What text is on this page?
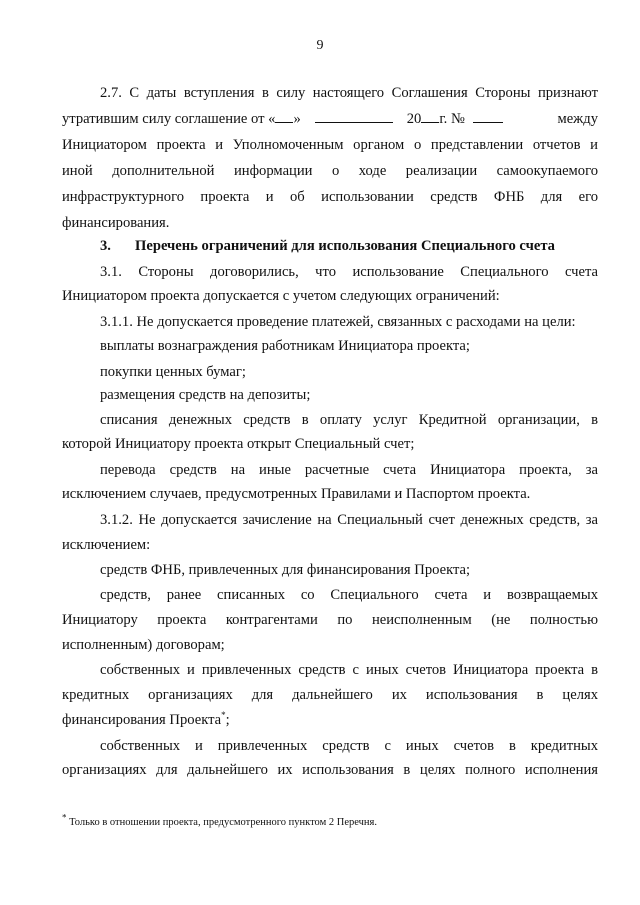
9
2.7. С даты вступления в силу настоящего Соглашения Стороны признают
утратившим силу соглашение от « »	20 г. №	между
Инициатором проекта и Уполномоченным органом о представлении отчетов и
иной дополнительной информации о ходе реализации самоокупаемого
инфраструктурного проекта и об использовании средств ФНБ для его
финансирования.
3. Перечень ограничений для использования Специального счета
3.1. Стороны договорились, что использование Специального счета
Инициатором проекта допускается с учетом следующих ограничений:
3.1.1. Не допускается проведение платежей, связанных с расходами на цели:
выплаты вознаграждения работникам Инициатора проекта;
покупки ценных бумаг;
размещения средств на депозиты;
списания денежных средств в оплату услуг Кредитной организации, в
которой Инициатору проекта открыт Специальный счет;
перевода средств на иные расчетные счета Инициатора проекта, за
исключением случаев, предусмотренных Правилами и Паспортом проекта.
3.1.2. Не допускается зачисление на Специальный счет денежных средств, за
исключением:
средств ФНБ, привлеченных для финансирования Проекта;
средств, ранее списанных со Специального счета и возвращаемых
Инициатору проекта контрагентами по неисполненным (не полностью
исполненным) договорам;
собственных и привлеченных средств с иных счетов Инициатора проекта в
кредитных организациях для дальнейшего их использования в целях
финансирования Проекта*;
собственных и привлеченных средств с иных счетов в кредитных
организациях для дальнейшего их использования в целях полного исполнения
* Только в отношении проекта, предусмотренного пунктом 2 Перечня.
